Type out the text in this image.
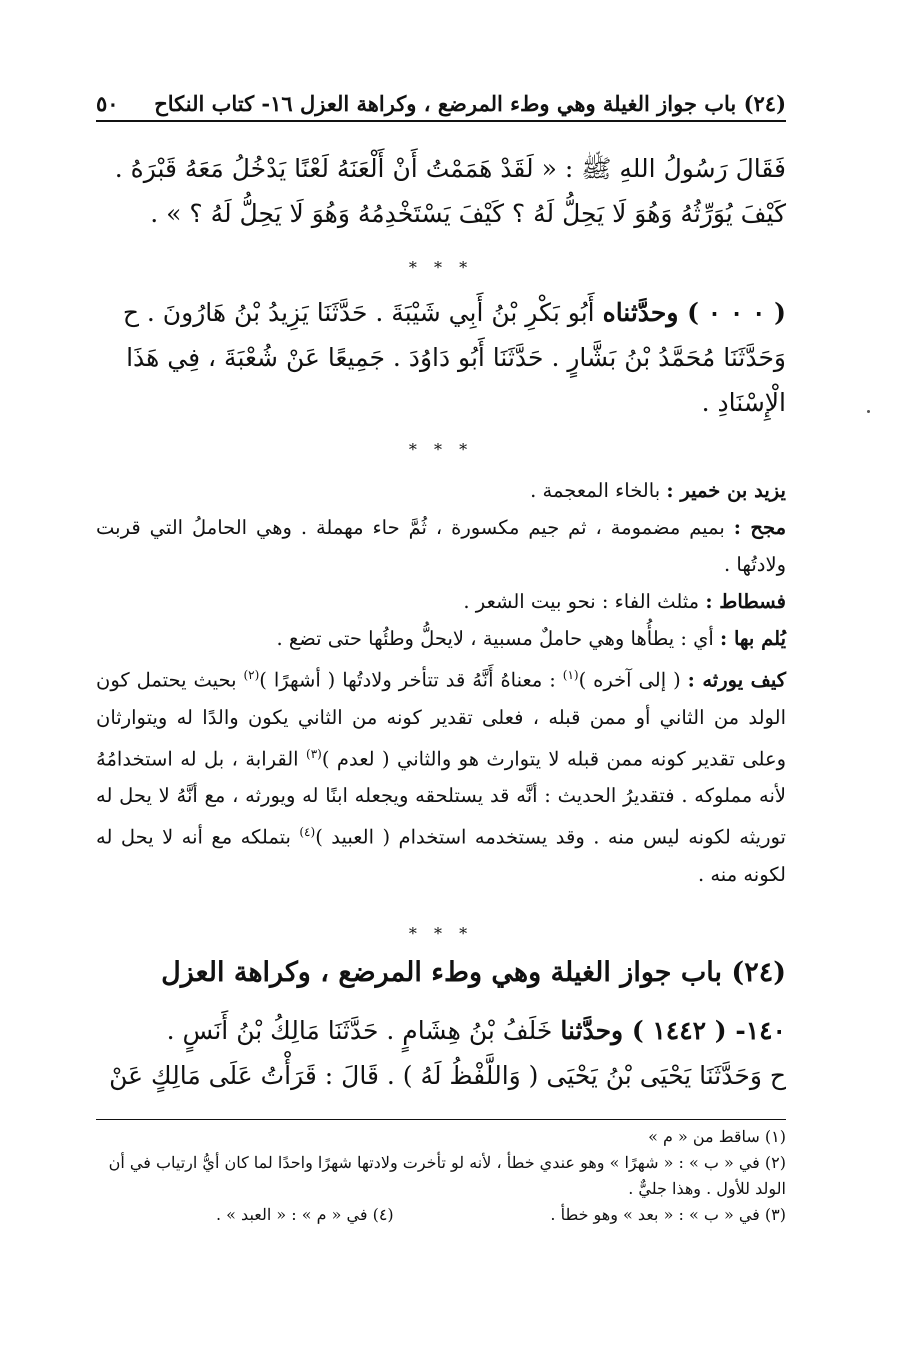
(٢٤) باب جواز الغيلة وهي وطء المرضع ، وكراهة العزل ١٦- كتاب النكاح
٥٠
فَقَالَ رَسُولُ اللهِ ﷺ : « لَقَدْ هَمَمْتُ أَنْ أَلْعَنَهُ لَعْنًا يَدْخُلُ مَعَهُ قَبْرَهُ .
كَيْفَ يُوَرِّثُهُ وَهُوَ لَا يَحِلُّ لَهُ ؟ كَيْفَ يَسْتَخْدِمُهُ وَهُوَ لَا يَحِلُّ لَهُ ؟ » .
* * *
( ٠ ٠ ٠ ) وحدَّثناه أَبُو بَكْرِ بْنُ أَبِي شَيْبَةَ . حَدَّثَنَا يَزِيدُ بْنُ هَارُونَ . ح
وَحَدَّثَنَا مُحَمَّدُ بْنُ بَشَّارٍ . حَدَّثَنَا أَبُو دَاوُدَ . جَمِيعًا عَنْ شُعْبَةَ ، فِي هَذَا
الْإِسْنَادِ .
* * *

يزيد بن خمير : بالخاء المعجمة .

مجح : بميم مضمومة ، ثم جيم مكسورة ، ثُمَّ حاء مهملة . وهي الحاملُ التي قربت ولادتُها .

فسطاط : مثلث الفاء : نحو بيت الشعر .

يُلم بها : أي : يطأُها وهي حاملٌ مسبية ، لايحلُّ وطئُها حتى تضع .

كيف يورثه : ( إلى آخره )$^{(١)}$ : معناهُ أَنَّهُ قد تتأخر ولادتُها ( أشهرًا )$^{(٢)}$ بحيث يحتمل كون الولد من الثاني أو ممن قبله ، فعلى تقدير كونه من الثاني يكون والدًا له ويتوارثان وعلى تقدير كونه ممن قبله لا يتوارث هو والثاني ( لعدم )$^{(٣)}$ القرابة ، بل له استخدامُهُ لأنه مملوكه . فتقديرُ الحديث : أنَّه قد يستلحقه ويجعله ابنًا له ويورثه ، مع أنَّهُ لا يحل له توريثه لكونه ليس منه . وقد يستخدمه استخدام ( العبيد )$^{(٤)}$ بتملكه مع أنه لا يحل له لكونه منه .

* * *
(٢٤) باب جواز الغيلة وهي وطء المرضع ، وكراهة العزل
١٤٠- ( ١٤٤٢ ) وحدَّثنا خَلَفُ بْنُ هِشَامٍ . حَدَّثَنَا مَالِكُ بْنُ أَنَسٍ .
ح وَحَدَّثَنَا يَحْيَى بْنُ يَحْيَى ( وَاللَّفْظُ لَهُ ) . قَالَ : قَرَأْتُ عَلَى مَالِكٍ عَنْ

(١) ساقط من « م »

(٢) في « ب » : « شهرًا » وهو عندي خطأ ، لأنه لو تأخرت ولادتها شهرًا واحدًا لما كان أيُّ ارتياب في أن الولد للأول . وهذا جليٌّ .

(٣) في « ب » : « بعد » وهو خطأ .
(٤) في « م » : « العبد » .
